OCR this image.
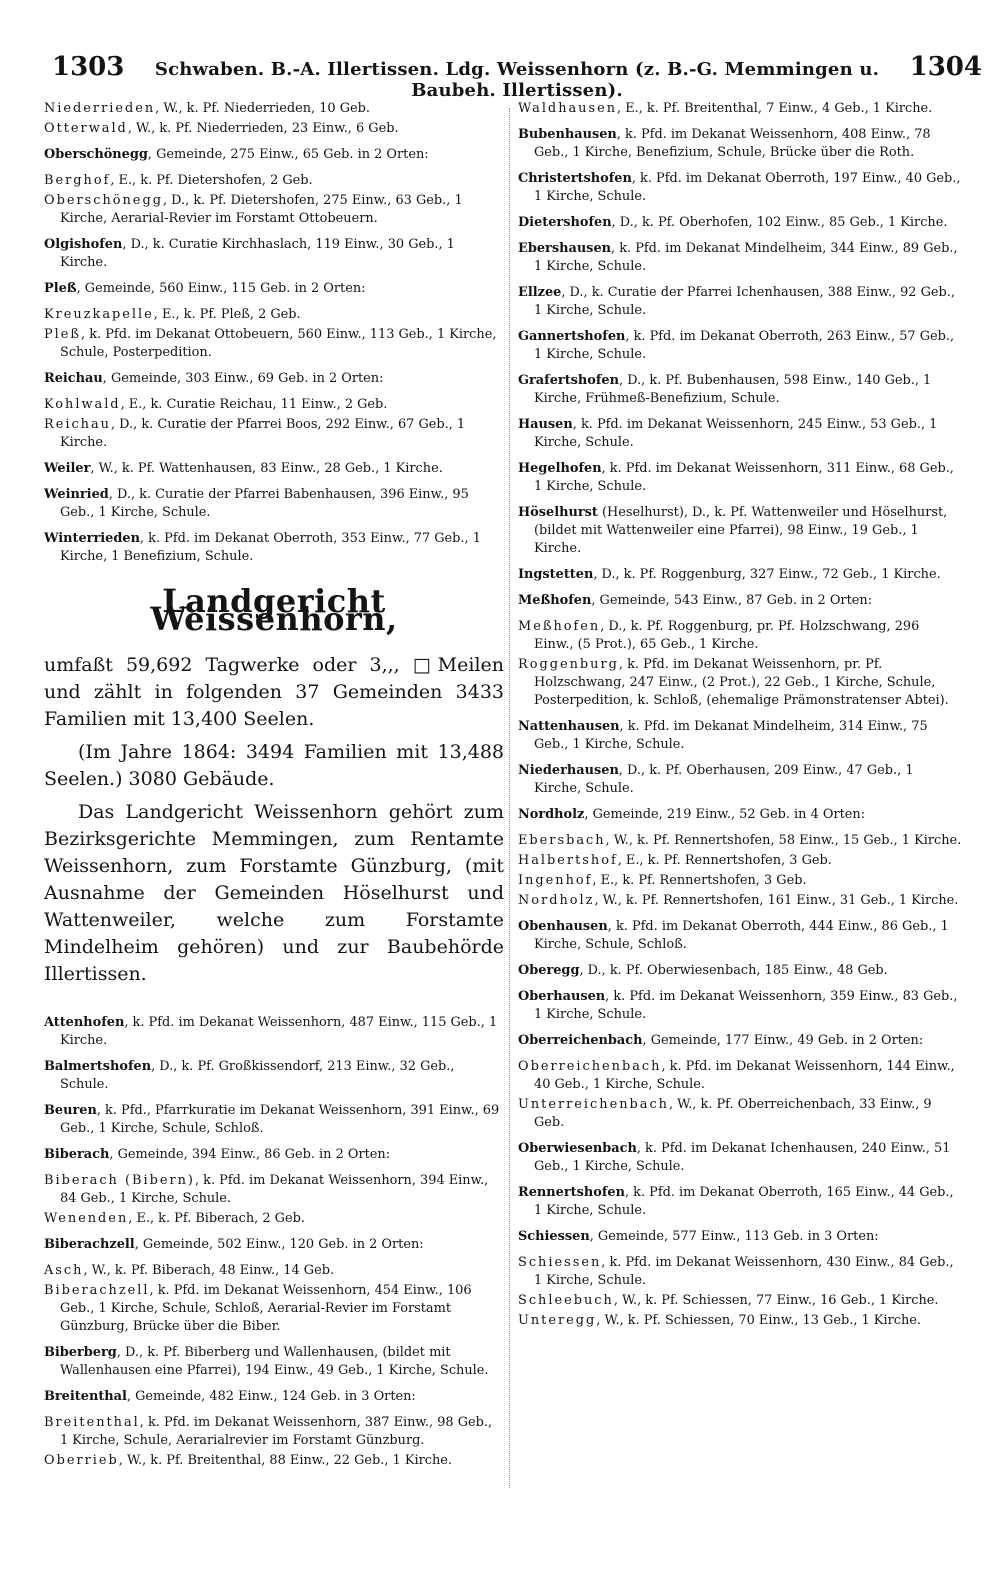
1303	Schwaben. B.-A. Illertissen. Ldg. Weissenhorn (z. B.-G. Memmingen u. Baubeh. Illertissen).
1304

Niederrieden, W., k. Pf. Niederrieden, 10 Geb.

Otterwald, W., k. Pf. Niederrieden, 23 Einw., 6 Geb.

Oberschönegg, Gemeinde, 275 Einw., 65 Geb. in 2 Orten:

Berghof, E., k. Pf. Dietershofen, 2 Geb.

Oberschönegg, D., k. Pf. Dietershofen, 275 Einw., 63 Geb., 1 Kirche, Aerarial-Revier im Forstamt Ottobeuern.

Olgishofen, D., k. Curatie Kirchhaslach, 119 Einw., 30 Geb., 1 Kirche.

Pleß, Gemeinde, 560 Einw., 115 Geb. in 2 Orten:

Kreuzkapelle, E., k. Pf. Pleß, 2 Geb.

Pleß, k. Pfd. im Dekanat Ottobeuern, 560 Einw., 113 Geb., 1 Kirche, Schule, Posterpedition.

Reichau, Gemeinde, 303 Einw., 69 Geb. in 2 Orten:

Kohlwald, E., k. Curatie Reichau, 11 Einw., 2 Geb.

Reichau, D., k. Curatie der Pfarrei Boos, 292 Einw., 67 Geb., 1 Kirche.

Weiler, W., k. Pf. Wattenhausen, 83 Einw., 28 Geb., 1 Kirche.

Weinried, D., k. Curatie der Pfarrei Babenhausen, 396 Einw., 95 Geb., 1 Kirche, Schule.

Winterrieden, k. Pfd. im Dekanat Oberroth, 353 Einw., 77 Geb., 1 Kirche, 1 Benefizium, Schule.

Landgericht Weissenhorn,

umfaßt 59,692 Tagwerke oder 3,,, □Meilen und zählt in folgenden 37 Gemeinden 3433 Familien mit 13,400 Seelen.

(Im Jahre 1864: 3494 Familien mit 13,488 Seelen.) 3080 Gebäude.

Das Landgericht Weissenhorn gehört zum Bezirksgerichte Memmingen, zum Rentamte Weissenhorn, zum Forstamte Günzburg, (mit Ausnahme der Gemeinden Höselhurst und Wattenweiler, welche zum Forstamte Mindelheim gehören) und zur Baubehörde Illertissen.

Attenhofen, k. Pfd. im Dekanat Weissenhorn, 487 Einw., 115 Geb., 1 Kirche.

Balmertshofen, D., k. Pf. Großkissendorf, 213 Einw., 32 Geb., Schule.

Beuren, k. Pfd., Pfarrkuratie im Dekanat Weissenhorn, 391 Einw., 69 Geb., 1 Kirche, Schule, Schloß.

Biberach, Gemeinde, 394 Einw., 86 Geb. in 2 Orten:

Biberach (Bibern), k. Pfd. im Dekanat Weissenhorn, 394 Einw., 84 Geb., 1 Kirche, Schule.

Wenenden, E., k. Pf. Biberach, 2 Geb.

Biberachzell, Gemeinde, 502 Einw., 120 Geb. in 2 Orten:

Asch, W., k. Pf. Biberach, 48 Einw., 14 Geb.

Biberachzell, k. Pfd. im Dekanat Weissenhorn, 454 Einw., 106 Geb., 1 Kirche, Schule, Schloß, Aerarial-Revier im Forstamt Günzburg, Brücke über die Biber.

Biberberg, D., k. Pf. Biberberg und Wallenhausen, (bildet mit Wallenhausen eine Pfarrei), 194 Einw., 49 Geb., 1 Kirche, Schule.

Breitenthal, Gemeinde, 482 Einw., 124 Geb. in 3 Orten:

Breitenthal, k. Pfd. im Dekanat Weissenhorn, 387 Einw., 98 Geb., 1 Kirche, Schule, Aerarialrevier im Forstamt Günzburg.

Oberrieb, W., k. Pf. Breitenthal, 88 Einw., 22 Geb., 1 Kirche.

Waldhausen, E., k. Pf. Breitenthal, 7 Einw., 4 Geb., 1 Kirche.

Bubenhausen, k. Pfd. im Dekanat Weissenhorn, 408 Einw., 78 Geb., 1 Kirche, Benefizium, Schule, Brücke über die Roth.

Christertshofen, k. Pfd. im Dekanat Oberroth, 197 Einw., 40 Geb., 1 Kirche, Schule.

Dietershofen, D., k. Pf. Oberhofen, 102 Einw., 85 Geb., 1 Kirche.

Ebershausen, k. Pfd. im Dekanat Mindelheim, 344 Einw., 89 Geb., 1 Kirche, Schule.

Ellzee, D., k. Curatie der Pfarrei Ichenhausen, 388 Einw., 92 Geb., 1 Kirche, Schule.

Gannertshofen, k. Pfd. im Dekanat Oberroth, 263 Einw., 57 Geb., 1 Kirche, Schule.

Grafertshofen, D., k. Pf. Bubenhausen, 598 Einw., 140 Geb., 1 Kirche, Frühmeß-Benefizium, Schule.

Hausen, k. Pfd. im Dekanat Weissenhorn, 245 Einw., 53 Geb., 1 Kirche, Schule.

Hegelhofen, k. Pfd. im Dekanat Weissenhorn, 311 Einw., 68 Geb., 1 Kirche, Schule.

Höselhurst (Heselhurst), D., k. Pf. Wattenweiler und Höselhurst, (bildet mit Wattenweiler eine Pfarrei), 98 Einw., 19 Geb., 1 Kirche.

Ingstetten, D., k. Pf. Roggenburg, 327 Einw., 72 Geb., 1 Kirche.

Meßhofen, Gemeinde, 543 Einw., 87 Geb. in 2 Orten:

Meßhofen, D., k. Pf. Roggenburg, pr. Pf. Holzschwang, 296 Einw., (5 Prot.), 65 Geb., 1 Kirche.

Roggenburg, k. Pfd. im Dekanat Weissenhorn, pr. Pf. Holzschwang, 247 Einw., (2 Prot.), 22 Geb., 1 Kirche, Schule, Posterpedition, k. Schloß, (ehemalige Prämonstratenser Abtei).

Nattenhausen, k. Pfd. im Dekanat Mindelheim, 314 Einw., 75 Geb., 1 Kirche, Schule.

Niederhausen, D., k. Pf. Oberhausen, 209 Einw., 47 Geb., 1 Kirche, Schule.

Nordholz, Gemeinde, 219 Einw., 52 Geb. in 4 Orten:

Ebersbach, W., k. Pf. Rennertshofen, 58 Einw., 15 Geb., 1 Kirche.

Halbertshof, E., k. Pf. Rennertshofen, 3 Geb.

Ingenhof, E., k. Pf. Rennertshofen, 3 Geb.

Nordholz, W., k. Pf. Rennertshofen, 161 Einw., 31 Geb., 1 Kirche.

Obenhausen, k. Pfd. im Dekanat Oberroth, 444 Einw., 86 Geb., 1 Kirche, Schule, Schloß.

Oberegg, D., k. Pf. Oberwiesenbach, 185 Einw., 48 Geb.

Oberhausen, k. Pfd. im Dekanat Weissenhorn, 359 Einw., 83 Geb., 1 Kirche, Schule.

Oberreichenbach, Gemeinde, 177 Einw., 49 Geb. in 2 Orten:

Oberreichenbach, k. Pfd. im Dekanat Weissenhorn, 144 Einw., 40 Geb., 1 Kirche, Schule.

Unterreichenbach, W., k. Pf. Oberreichenbach, 33 Einw., 9 Geb.

Oberwiesenbach, k. Pfd. im Dekanat Ichenhausen, 240 Einw., 51 Geb., 1 Kirche, Schule.

Rennertshofen, k. Pfd. im Dekanat Oberroth, 165 Einw., 44 Geb., 1 Kirche, Schule.

Schiessen, Gemeinde, 577 Einw., 113 Geb. in 3 Orten:

Schiessen, k. Pfd. im Dekanat Weissenhorn, 430 Einw., 84 Geb., 1 Kirche, Schule.

Schleebuch, W., k. Pf. Schiessen, 77 Einw., 16 Geb., 1 Kirche.

Unteregg, W., k. Pf. Schiessen, 70 Einw., 13 Geb., 1 Kirche.
